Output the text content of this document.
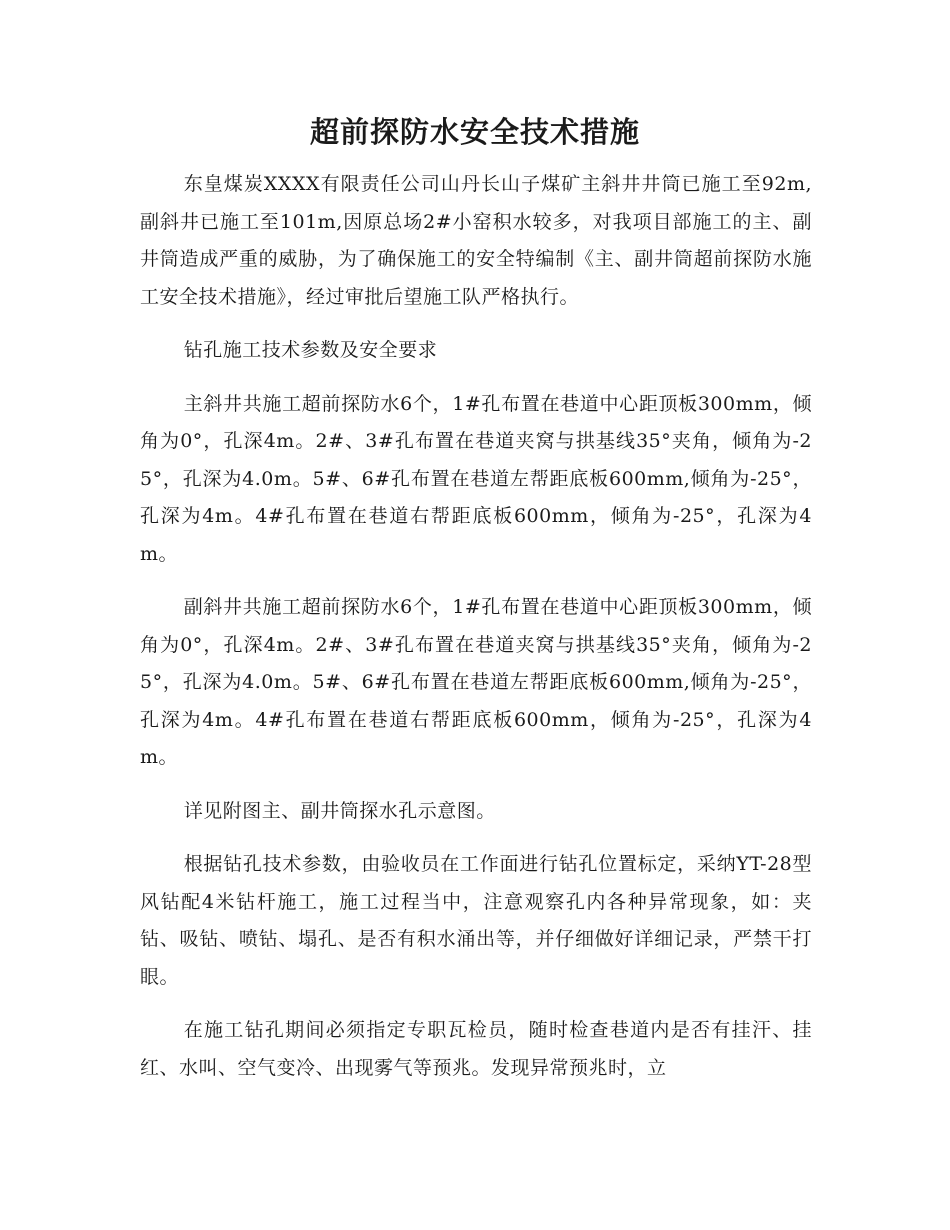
超前探防水安全技术措施

东皇煤炭XXXX有限责任公司山丹长山子煤矿主斜井井筒已施工至92m,副斜井已施工至101m,因原总场2#小窑积水较多，对我项目部施工的主、副井筒造成严重的威胁，为了确保施工的安全特编制《主、副井筒超前探防水施工安全技术措施》，经过审批后望施工队严格执行。

钻孔施工技术参数及安全要求

主斜井共施工超前探防水6个，1#孔布置在巷道中心距顶板300mm，倾角为0°，孔深4m。2#、3#孔布置在巷道夹窝与拱基线35°夹角，倾角为-25°，孔深为4.0m。5#、6#孔布置在巷道左帮距底板600mm,倾角为-25°，孔深为4m。4#孔布置在巷道右帮距底板600mm，倾角为-25°，孔深为4m。

副斜井共施工超前探防水6个，1#孔布置在巷道中心距顶板300mm，倾角为0°，孔深4m。2#、3#孔布置在巷道夹窝与拱基线35°夹角，倾角为-25°，孔深为4.0m。5#、6#孔布置在巷道左帮距底板600mm,倾角为-25°，孔深为4m。4#孔布置在巷道右帮距底板600mm，倾角为-25°，孔深为4m。

详见附图主、副井筒探水孔示意图。

根据钻孔技术参数，由验收员在工作面进行钻孔位置标定，采纳YT-28型风钻配4米钻杆施工，施工过程当中，注意观察孔内各种异常现象，如：夹钻、吸钻、喷钻、塌孔、是否有积水涌出等，并仔细做好详细记录，严禁干打眼。

在施工钻孔期间必须指定专职瓦检员，随时检查巷道内是否有挂汗、挂红、水叫、空气变冷、出现雾气等预兆。发现异常预兆时，立
